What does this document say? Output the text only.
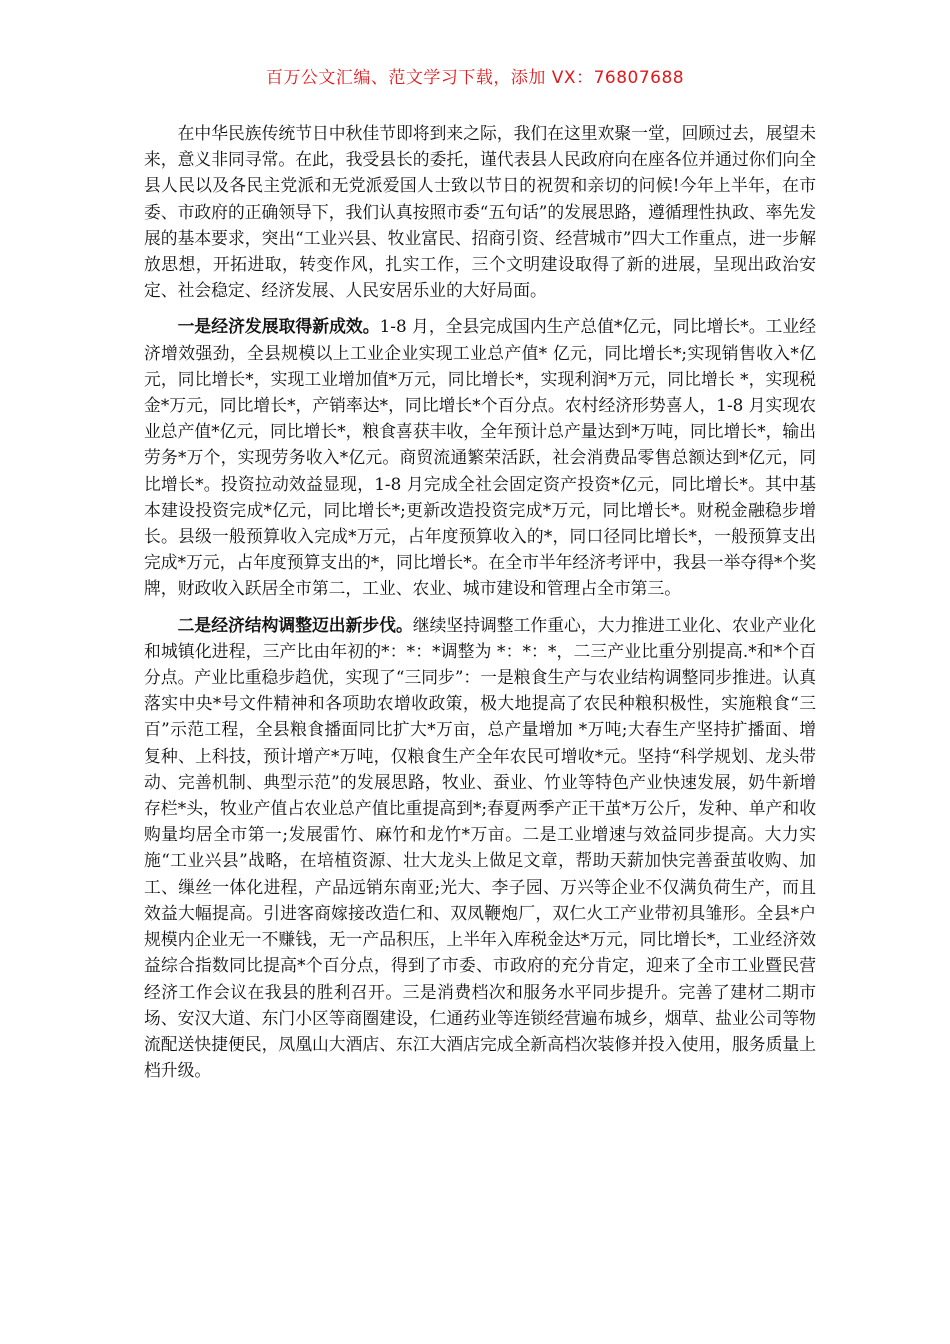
百万公文汇编、范文学习下载，添加 VX：76807688

在中华民族传统节日中秋佳节即将到来之际，我们在这里欢聚一堂，回顾过去，展望未来，意义非同寻常。在此，我受县长的委托，谨代表县人民政府向在座各位并通过你们向全县人民以及各民主党派和无党派爱国人士致以节日的祝贺和亲切的问候!今年上半年，在市委、市政府的正确领导下，我们认真按照市委“五句话”的发展思路，遵循理性执政、率先发展的基本要求，突出“工业兴县、牧业富民、招商引资、经营城市”四大工作重点，进一步解放思想，开拓进取，转变作风，扎实工作，三个文明建设取得了新的进展，呈现出政治安定、社会稳定、经济发展、人民安居乐业的大好局面。

一是经济发展取得新成效。1-8 月，全县完成国内生产总值*亿元，同比增长*。工业经济增效强劲，全县规模以上工业企业实现工业总产值* 亿元，同比增长*;实现销售收入*亿元，同比增长*，实现工业增加值*万元，同比增长*，实现利润*万元，同比增长 *，实现税金*万元，同比增长*，产销率达*，同比增长*个百分点。农村经济形势喜人，1-8 月实现农业总产值*亿元，同比增长*，粮食喜获丰收，全年预计总产量达到*万吨，同比增长*，输出劳务*万个，实现劳务收入*亿元。商贸流通繁荣活跃，社会消费品零售总额达到*亿元，同比增长*。投资拉动效益显现，1-8 月完成全社会固定资产投资*亿元，同比增长*。其中基本建设投资完成*亿元，同比增长*;更新改造投资完成*万元，同比增长*。财税金融稳步增长。县级一般预算收入完成*万元，占年度预算收入的*，同口径同比增长*，一般预算支出完成*万元，占年度预算支出的*，同比增长*。在全市半年经济考评中，我县一举夺得*个奖牌，财政收入跃居全市第二，工业、农业、城市建设和管理占全市第三。

二是经济结构调整迈出新步伐。继续坚持调整工作重心，大力推进工业化、农业产业化和城镇化进程，三产比由年初的*：*：*调整为 *：*：*，二三产业比重分别提高.*和*个百分点。产业比重稳步趋优，实现了“三同步”：一是粮食生产与农业结构调整同步推进。认真落实中央*号文件精神和各项助农增收政策，极大地提高了农民种粮积极性，实施粮食“三百”示范工程，全县粮食播面同比扩大*万亩，总产量增加 *万吨;大春生产坚持扩播面、增复种、上科技，预计增产*万吨，仅粮食生产全年农民可增收*元。坚持“科学规划、龙头带动、完善机制、典型示范”的发展思路，牧业、蚕业、竹业等特色产业快速发展，奶牛新增存栏*头，牧业产值占农业总产值比重提高到*;春夏两季产正干茧*万公斤，发种、单产和收购量均居全市第一;发展雷竹、麻竹和龙竹*万亩。二是工业增速与效益同步提高。大力实施“工业兴县”战略，在培植资源、壮大龙头上做足文章，帮助天薪加快完善蚕茧收购、加工、缫丝一体化进程，产品远销东南亚;光大、李子园、万兴等企业不仅满负荷生产，而且效益大幅提高。引进客商嫁接改造仁和、双凤鞭炮厂，双仁火工产业带初具雏形。全县*户规模内企业无一不赚钱，无一产品积压，上半年入库税金达*万元，同比增长*，工业经济效益综合指数同比提高*个百分点，得到了市委、市政府的充分肯定，迎来了全市工业暨民营经济工作会议在我县的胜利召开。三是消费档次和服务水平同步提升。完善了建材二期市场、安汉大道、东门小区等商圈建设，仁通药业等连锁经营遍布城乡，烟草、盐业公司等物流配送快捷便民，凤凰山大酒店、东江大酒店完成全新高档次装修并投入使用，服务质量上档升级。
